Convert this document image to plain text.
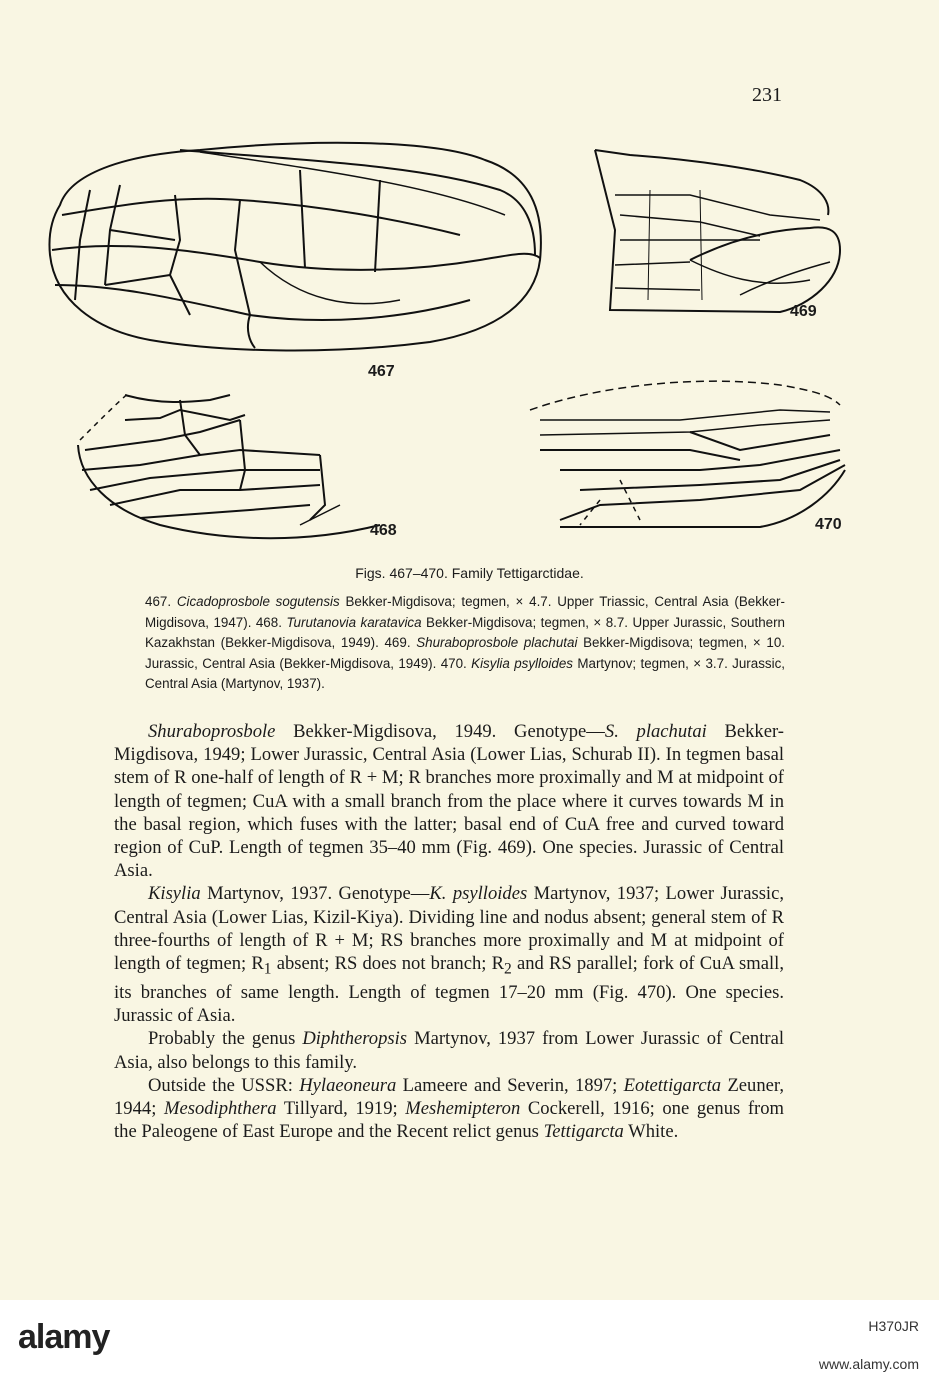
231
467
469
468	470
Figs. 467–470. Family Tettigarctidae.
467. Cicadoprosbole sogutensis Bekker-Migdisova; tegmen, × 4.7. Upper Triassic, Central Asia (Bekker-Migdisova, 1947). 468. Turutanovia karatavica Bekker-Migdisova; tegmen, × 8.7. Upper Jurassic, Southern Kazakhstan (Bekker-Migdisova, 1949). 469. Shuraboprosbole plachutai Bekker-Migdisova; tegmen, × 10. Jurassic, Central Asia (Bekker-Migdisova, 1949). 470. Kisylia psylloides Martynov; tegmen, × 3.7. Jurassic, Central Asia (Martynov, 1937).

Shuraboprosbole Bekker-Migdisova, 1949. Genotype—S. plachutai Bekker-Migdisova, 1949; Lower Jurassic, Central Asia (Lower Lias, Schurab II). In tegmen basal stem of R one-half of length of R + M; R branches more proximally and M at midpoint of length of tegmen; CuA with a small branch from the place where it curves towards M in the basal region, which fuses with the latter; basal end of CuA free and curved toward region of CuP. Length of tegmen 35–40 mm (Fig. 469). One species. Jurassic of Central Asia.

Kisylia Martynov, 1937. Genotype—K. psylloides Martynov, 1937; Lower Jurassic, Central Asia (Lower Lias, Kizil-Kiya). Dividing line and nodus absent; general stem of R three-fourths of length of R + M; RS branches more proximally and M at midpoint of length of tegmen; $R_1$ absent; RS does not branch; $R_2$ and RS parallel; fork of CuA small, its branches of same length. Length of tegmen 17–20 mm (Fig. 470). One species. Jurassic of Asia.

Probably the genus Diphtheropsis Martynov, 1937 from Lower Jurassic of Central Asia, also belongs to this family.

Outside the USSR: Hylaeoneura Lameere and Severin, 1897; Eotettigarcta Zeuner, 1944; Mesodiphthera Tillyard, 1919; Meshemipteron Cockerell, 1916; one genus from the Paleogene of East Europe and the Recent relict genus Tettigarcta White.

alamy	H370JR
www.alamy.com
